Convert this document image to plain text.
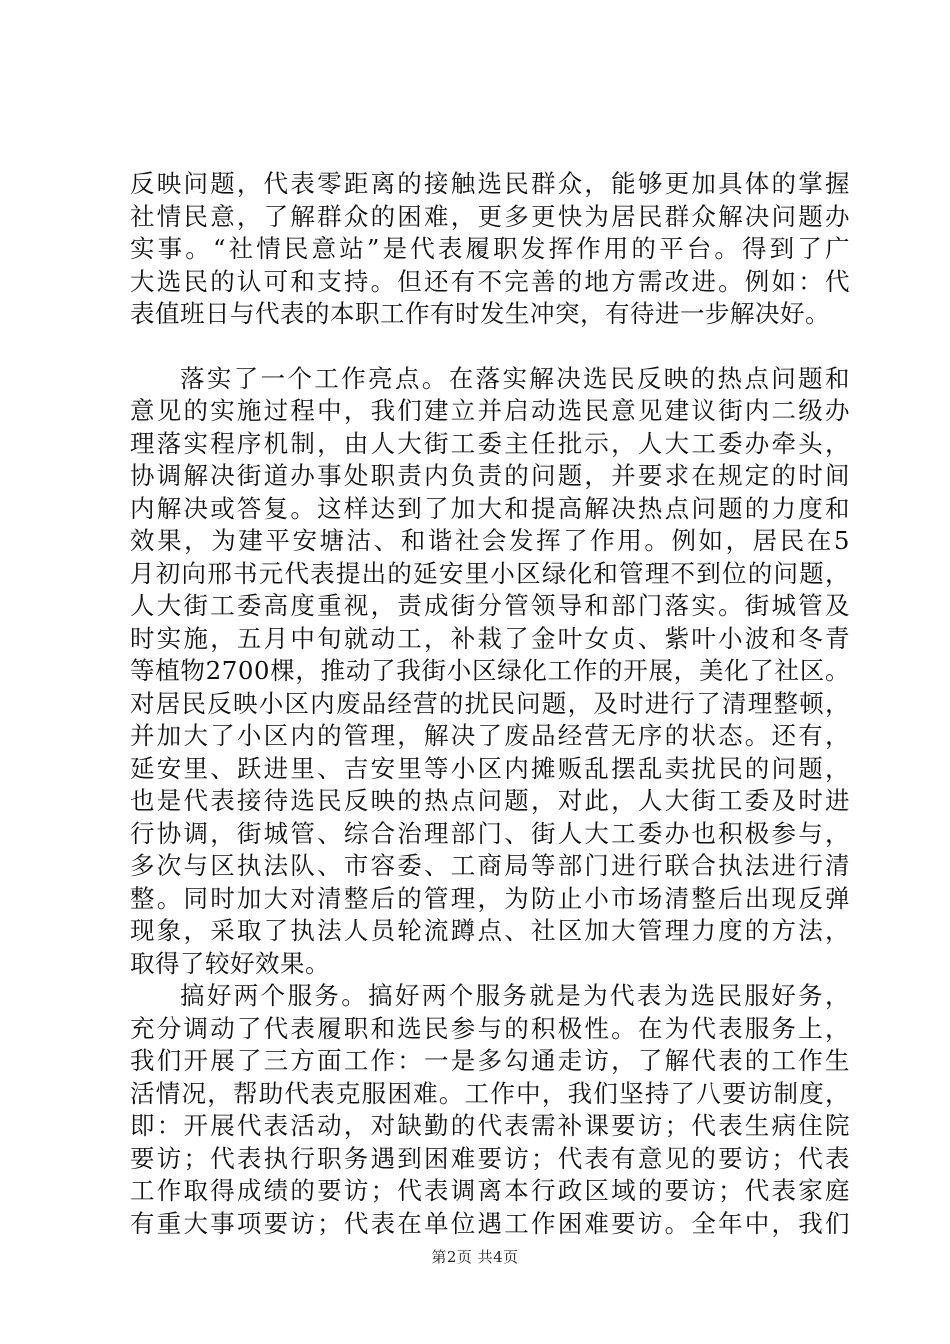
反映问题，代表零距离的接触选民群众，能够更加具体的掌握
社情民意，了解群众的困难，更多更快为居民群众解决问题办
实事。“社情民意站”是代表履职发挥作用的平台。得到了广
大选民的认可和支持。但还有不完善的地方需改进。例如：代
表值班日与代表的本职工作有时发生冲突，有待进一步解决好。
落实了一个工作亮点。在落实解决选民反映的热点问题和
意见的实施过程中，我们建立并启动选民意见建议街内二级办
理落实程序机制，由人大街工委主任批示，人大工委办牵头，
协调解决街道办事处职责内负责的问题，并要求在规定的时间
内解决或答复。这样达到了加大和提高解决热点问题的力度和
效果，为建平安塘沽、和谐社会发挥了作用。例如，居民在5
月初向邢书元代表提出的延安里小区绿化和管理不到位的问题，
人大街工委高度重视，责成街分管领导和部门落实。街城管及
时实施，五月中旬就动工，补栽了金叶女贞、紫叶小波和冬青
等植物2700棵，推动了我街小区绿化工作的开展，美化了社区。
对居民反映小区内废品经营的扰民问题，及时进行了清理整顿，
并加大了小区内的管理，解决了废品经营无序的状态。还有，
延安里、跃进里、吉安里等小区内摊贩乱摆乱卖扰民的问题，
也是代表接待选民反映的热点问题，对此，人大街工委及时进
行协调，街城管、综合治理部门、街人大工委办也积极参与，
多次与区执法队、市容委、工商局等部门进行联合执法进行清
整。同时加大对清整后的管理，为防止小市场清整后出现反弹
现象，采取了执法人员轮流蹲点、社区加大管理力度的方法，
取得了较好效果。
搞好两个服务。搞好两个服务就是为代表为选民服好务，
充分调动了代表履职和选民参与的积极性。在为代表服务上，
我们开展了三方面工作：一是多勾通走访，了解代表的工作生
活情况，帮助代表克服困难。工作中，我们坚持了八要访制度，
即：开展代表活动，对缺勤的代表需补课要访；代表生病住院
要访；代表执行职务遇到困难要访；代表有意见的要访；代表
工作取得成绩的要访；代表调离本行政区域的要访；代表家庭
有重大事项要访；代表在单位遇工作困难要访。全年中，我们
第2页 共4页
